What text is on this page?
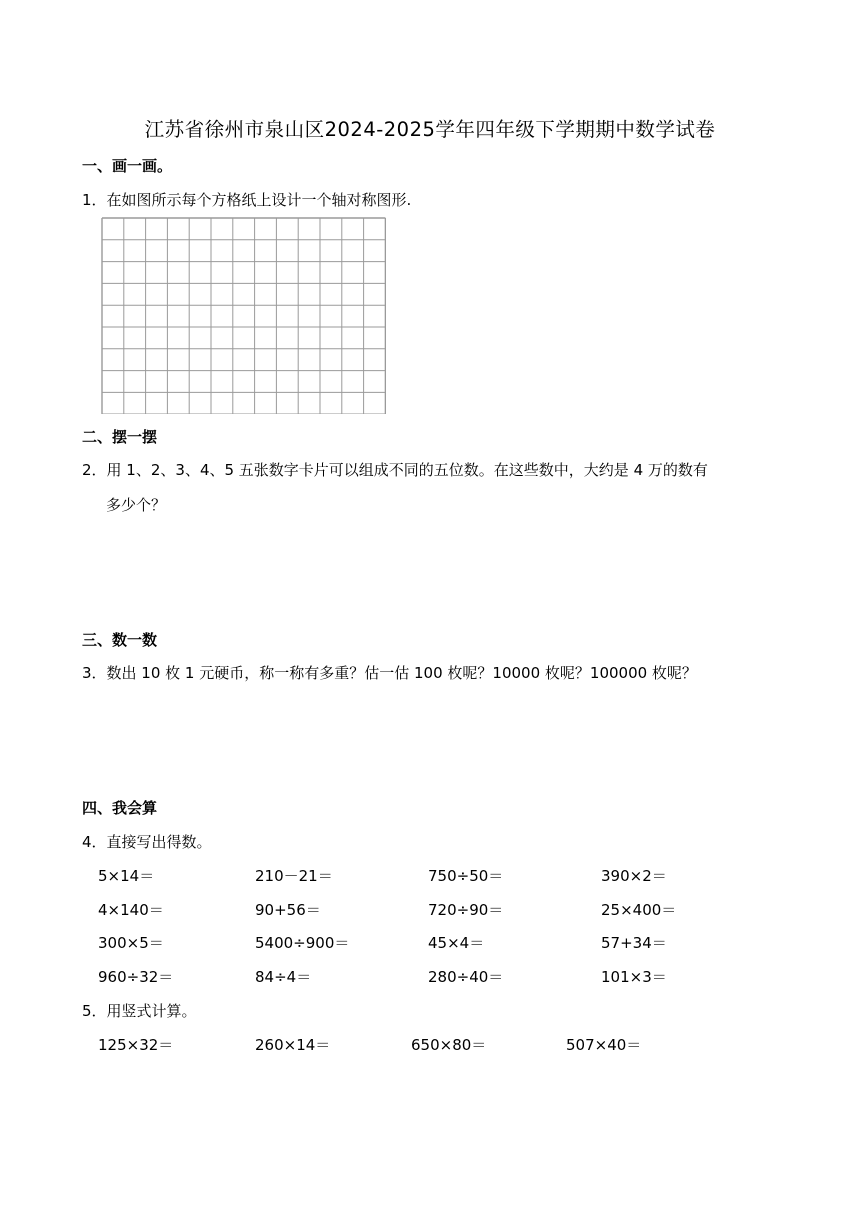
江苏省徐州市泉山区2024-2025学年四年级下学期期中数学试卷
一、画一画。
1．在如图所示每个方格纸上设计一个轴对称图形.
二、摆一摆
2．用 1、2、3、4、5 五张数字卡片可以组成不同的五位数。在这些数中，大约是 4 万的数有
多少个？
三、数一数
3．数出 10 枚 1 元硬币，称一称有多重？估一估 100 枚呢？10000 枚呢？100000 枚呢？
四、我会算
4．直接写出得数。
5×14＝	210－21＝	750÷50＝	390×2＝
4×140＝	90+56＝	720÷90＝	25×400＝
300×5＝	5400÷900＝	45×4＝	57+34＝
960÷32＝	84÷4＝	280÷40＝	101×3＝
5．用竖式计算。
125×32＝	260×14＝	650×80＝	507×40＝
